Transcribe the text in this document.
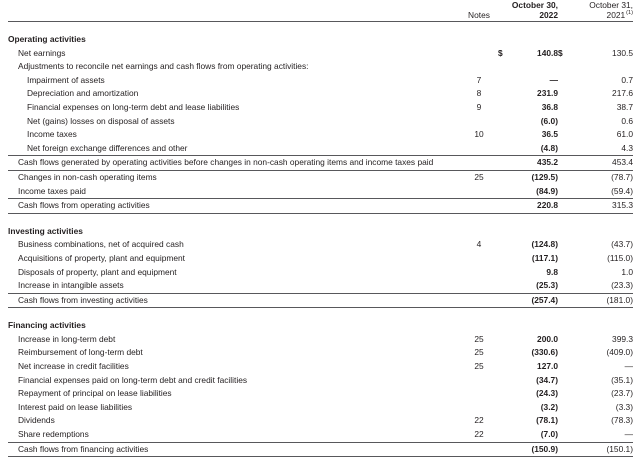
	Notes	October 30,
2022		October 31,
2021$^{(1)}$

Operating activities					
Net earnings		$	140.8	$	130.5
Adjustments to reconcile net earnings and cash flows from operating activities:					
Impairment of assets	7		—		0.7
Depreciation and amortization	8		231.9		217.6
Financial expenses on long-term debt and lease liabilities	9		36.8		38.7
Net (gains) losses on disposal of assets			(6.0)		0.6
Income taxes	10		36.5		61.0
Net foreign exchange differences and other			(4.8)		4.3
Cash flows generated by operating activities before changes in non-cash operating items and income taxes paid			435.2		453.4
Changes in non-cash operating items	25		(129.5)		(78.7)
Income taxes paid			(84.9)		(59.4)
Cash flows from operating activities			220.8		315.3

Investing activities					
Business combinations, net of acquired cash	4		(124.8)		(43.7)
Acquisitions of property, plant and equipment			(117.1)		(115.0)
Disposals of property, plant and equipment			9.8		1.0
Increase in intangible assets			(25.3)		(23.3)
Cash flows from investing activities			(257.4)		(181.0)

Financing activities					
Increase in long-term debt	25		200.0		399.3
Reimbursement of long-term debt	25		(330.6)		(409.0)
Net increase in credit facilities	25		127.0		—
Financial expenses paid on long-term debt and credit facilities			(34.7)		(35.1)
Repayment of principal on lease liabilities			(24.3)		(23.7)
Interest paid on lease liabilities			(3.2)		(3.3)
Dividends	22		(78.1)		(78.3)
Share redemptions	22		(7.0)		—
Cash flows from financing activities			(150.9)		(150.1)
